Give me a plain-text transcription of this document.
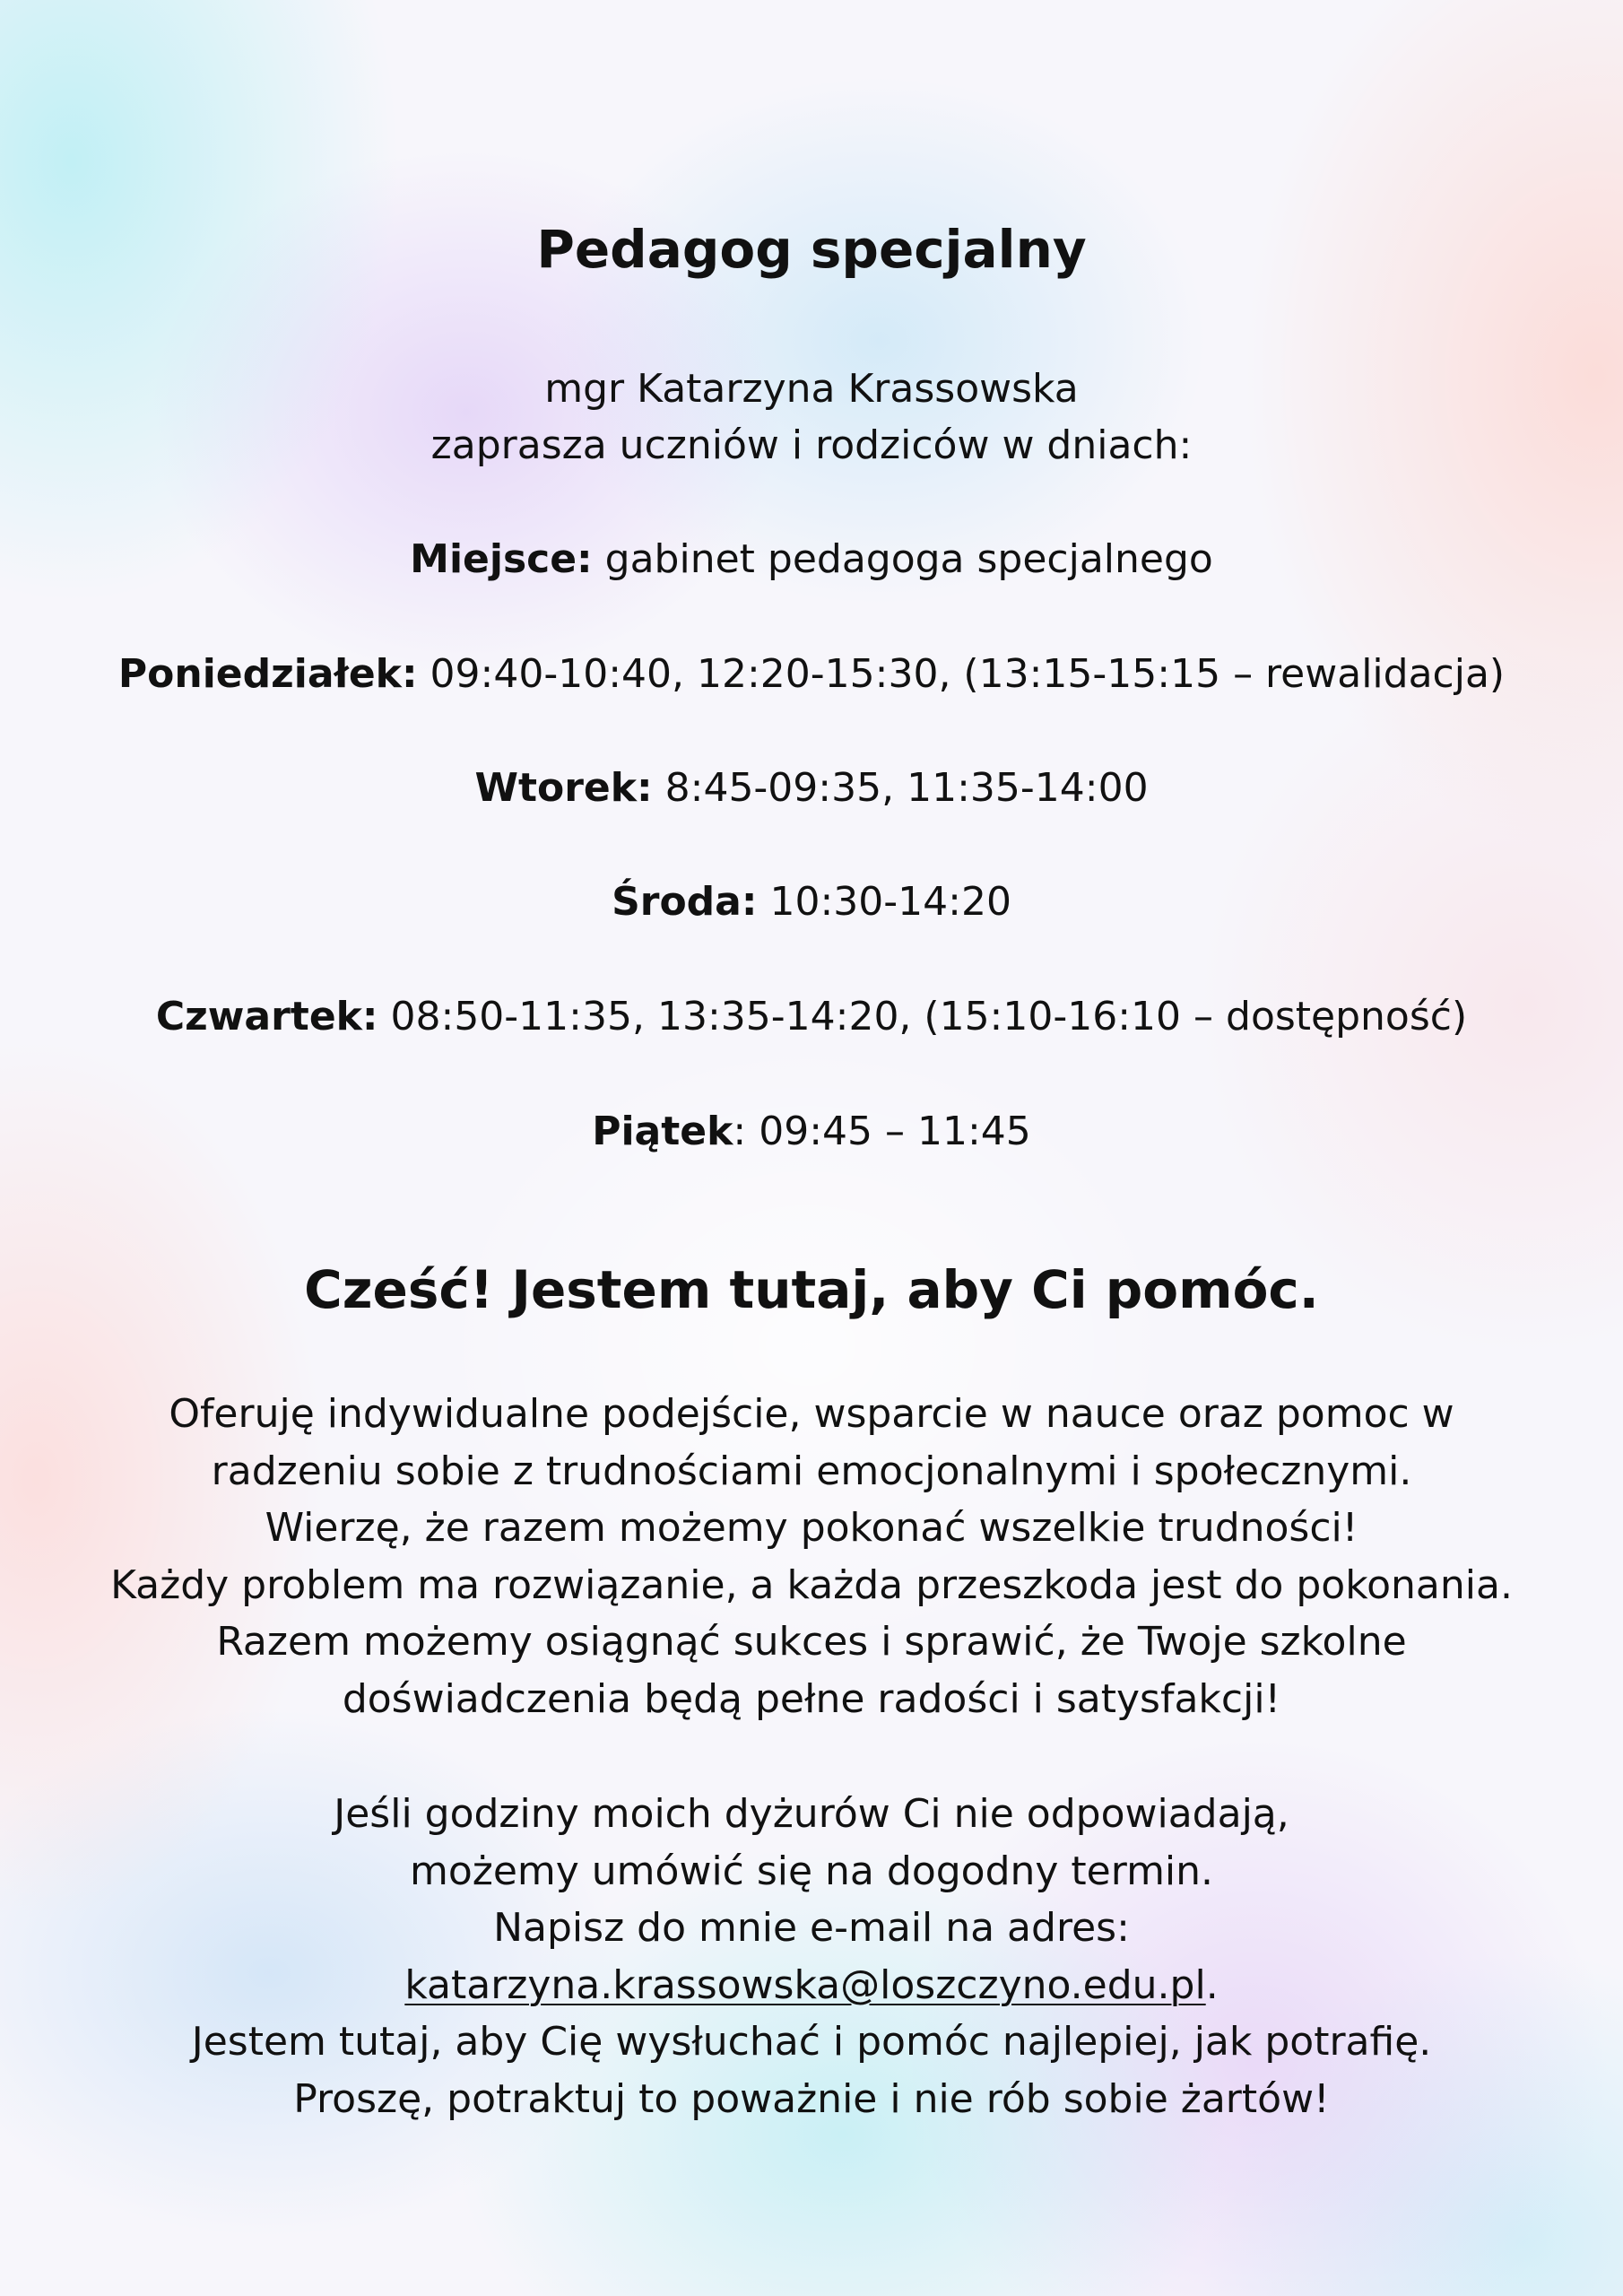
Pedagog specjalny
mgr Katarzyna Krassowska
zaprasza uczniów i rodziców w dniach:
Miejsce: gabinet pedagoga specjalnego
Poniedziałek: 09:40-10:40, 12:20-15:30, (13:15-15:15 – rewalidacja)
Wtorek: 8:45-09:35, 11:35-14:00
Środa: 10:30-14:20
Czwartek: 08:50-11:35, 13:35-14:20, (15:10-16:10 – dostępność)
Piątek: 09:45 – 11:45
Cześć! Jestem tutaj, aby Ci pomóc.
Oferuję indywidualne podejście, wsparcie w nauce oraz pomoc w
radzeniu sobie z trudnościami emocjonalnymi i społecznymi.
Wierzę, że razem możemy pokonać wszelkie trudności!
Każdy problem ma rozwiązanie, a każda przeszkoda jest do pokonania.
Razem możemy osiągnąć sukces i sprawić, że Twoje szkolne
doświadczenia będą pełne radości i satysfakcji!
Jeśli godziny moich dyżurów Ci nie odpowiadają,
możemy umówić się na dogodny termin.
Napisz do mnie e-mail na adres:
katarzyna.krassowska@loszczyno.edu.pl.
Jestem tutaj, aby Cię wysłuchać i pomóc najlepiej, jak potrafię.
Proszę, potraktuj to poważnie i nie rób sobie żartów!
